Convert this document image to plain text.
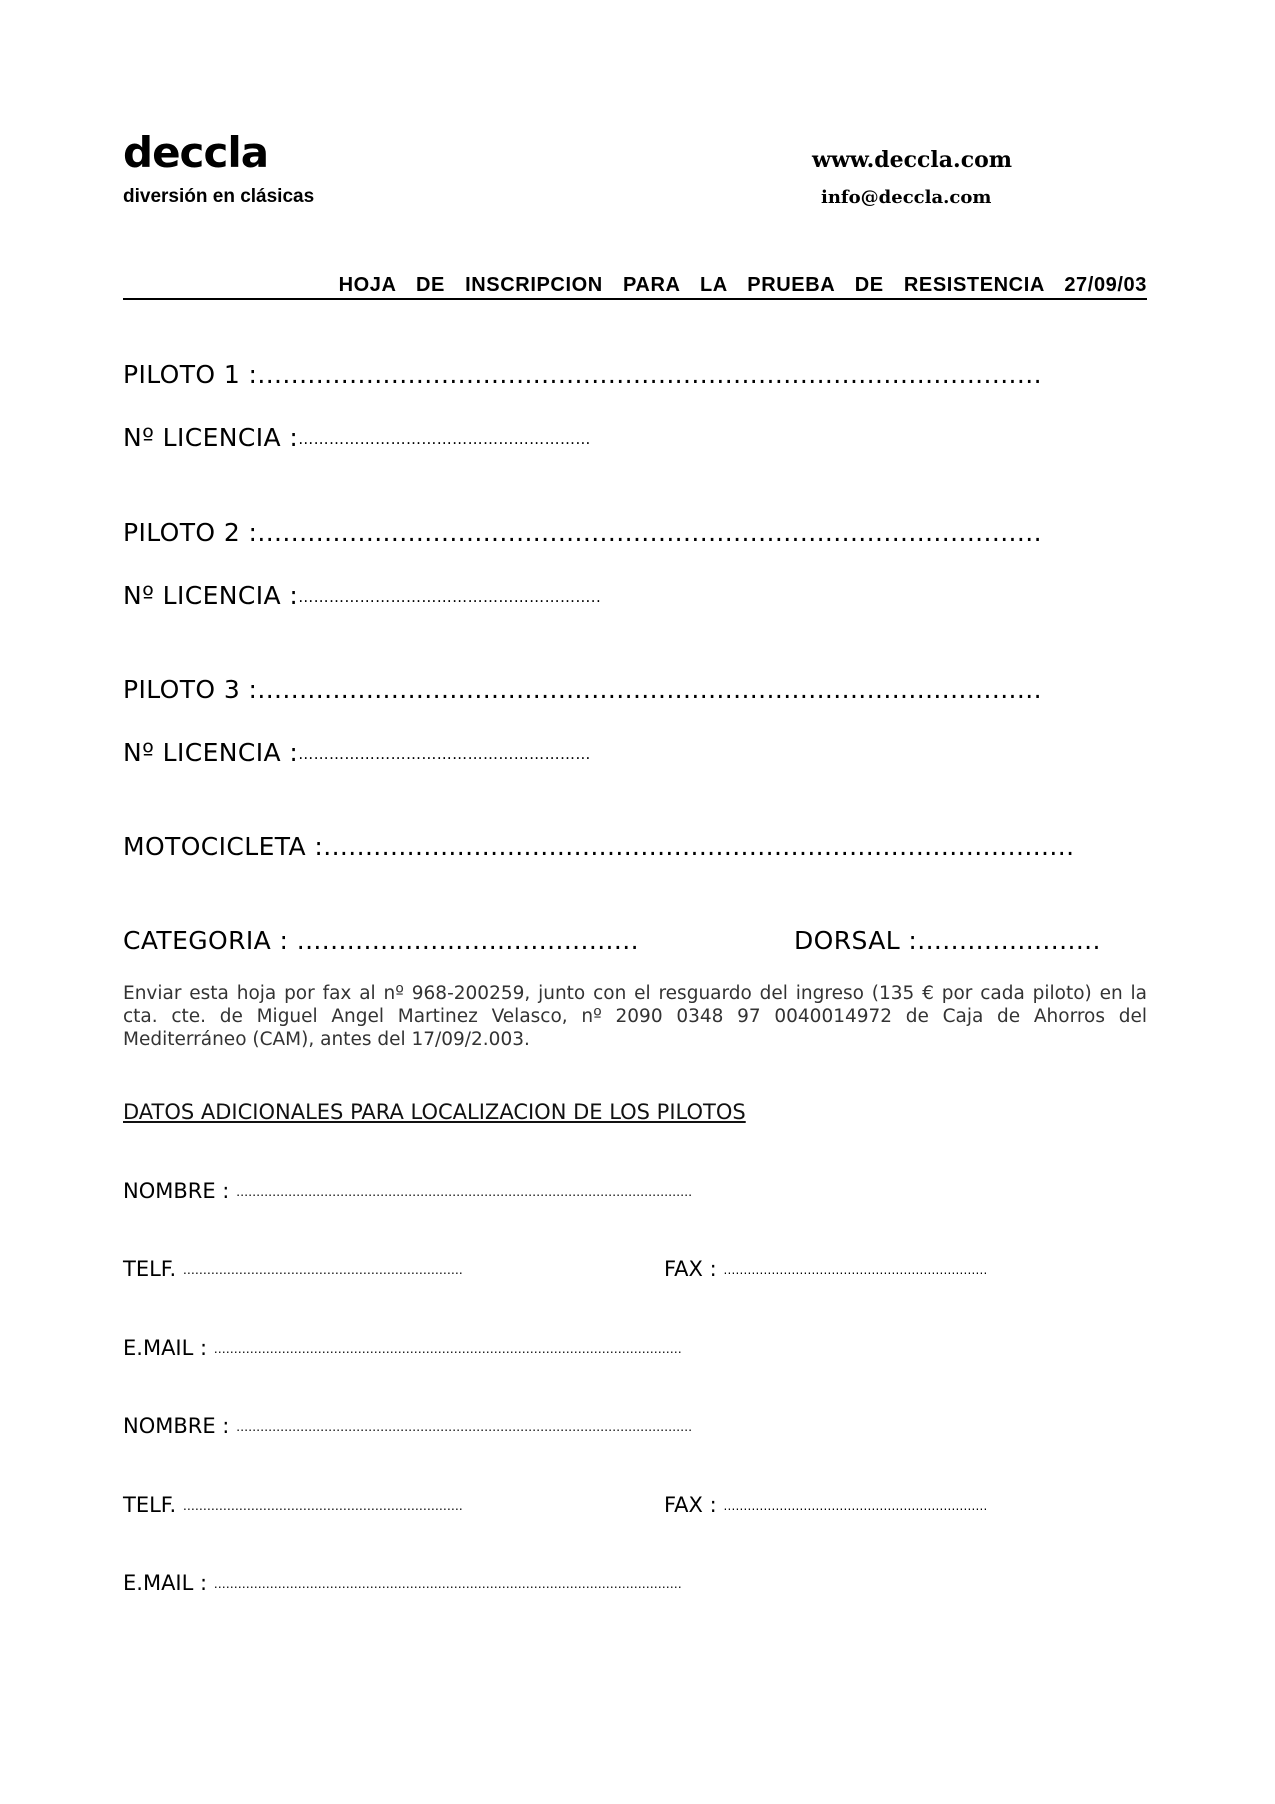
deccla
diversión en clásicas
www.deccla.com
info@deccla.com
HOJA DE INSCRIPCION PARA LA PRUEBA DE RESISTENCIA 27/09/03
PILOTO 1 :..............................................................................................
Nº LICENCIA :…………………………………………………
PILOTO 2 :..............................................................................................
Nº LICENCIA :…………………………………………………..
PILOTO 3 :..............................................................................................
Nº LICENCIA :…………………………………………………
MOTOCICLETA :..........................................................................................
CATEGORIA : .........................................	DORSAL :......................
Enviar esta hoja por fax al nº 968-200259, junto con el resguardo del ingreso (135 € por cada piloto) en la cta. cte. de Miguel Angel Martinez Velasco, nº 2090 0348 97 0040014972 de Caja de Ahorros del Mediterráneo (CAM), antes del 17/09/2.003.
DATOS ADICIONALES PARA LOCALIZACION DE LOS PILOTOS
NOMBRE : ……………………………………………………………………………………………………
TELF. …………………………………………………………….	FAX : …………………………………………………………
E.MAIL : ………………………………………………………………………………………………………
NOMBRE : ……………………………………………………………………………………………………
TELF. …………………………………………………………….	FAX : …………………………………………………………
E.MAIL : ………………………………………………………………………………………………………
